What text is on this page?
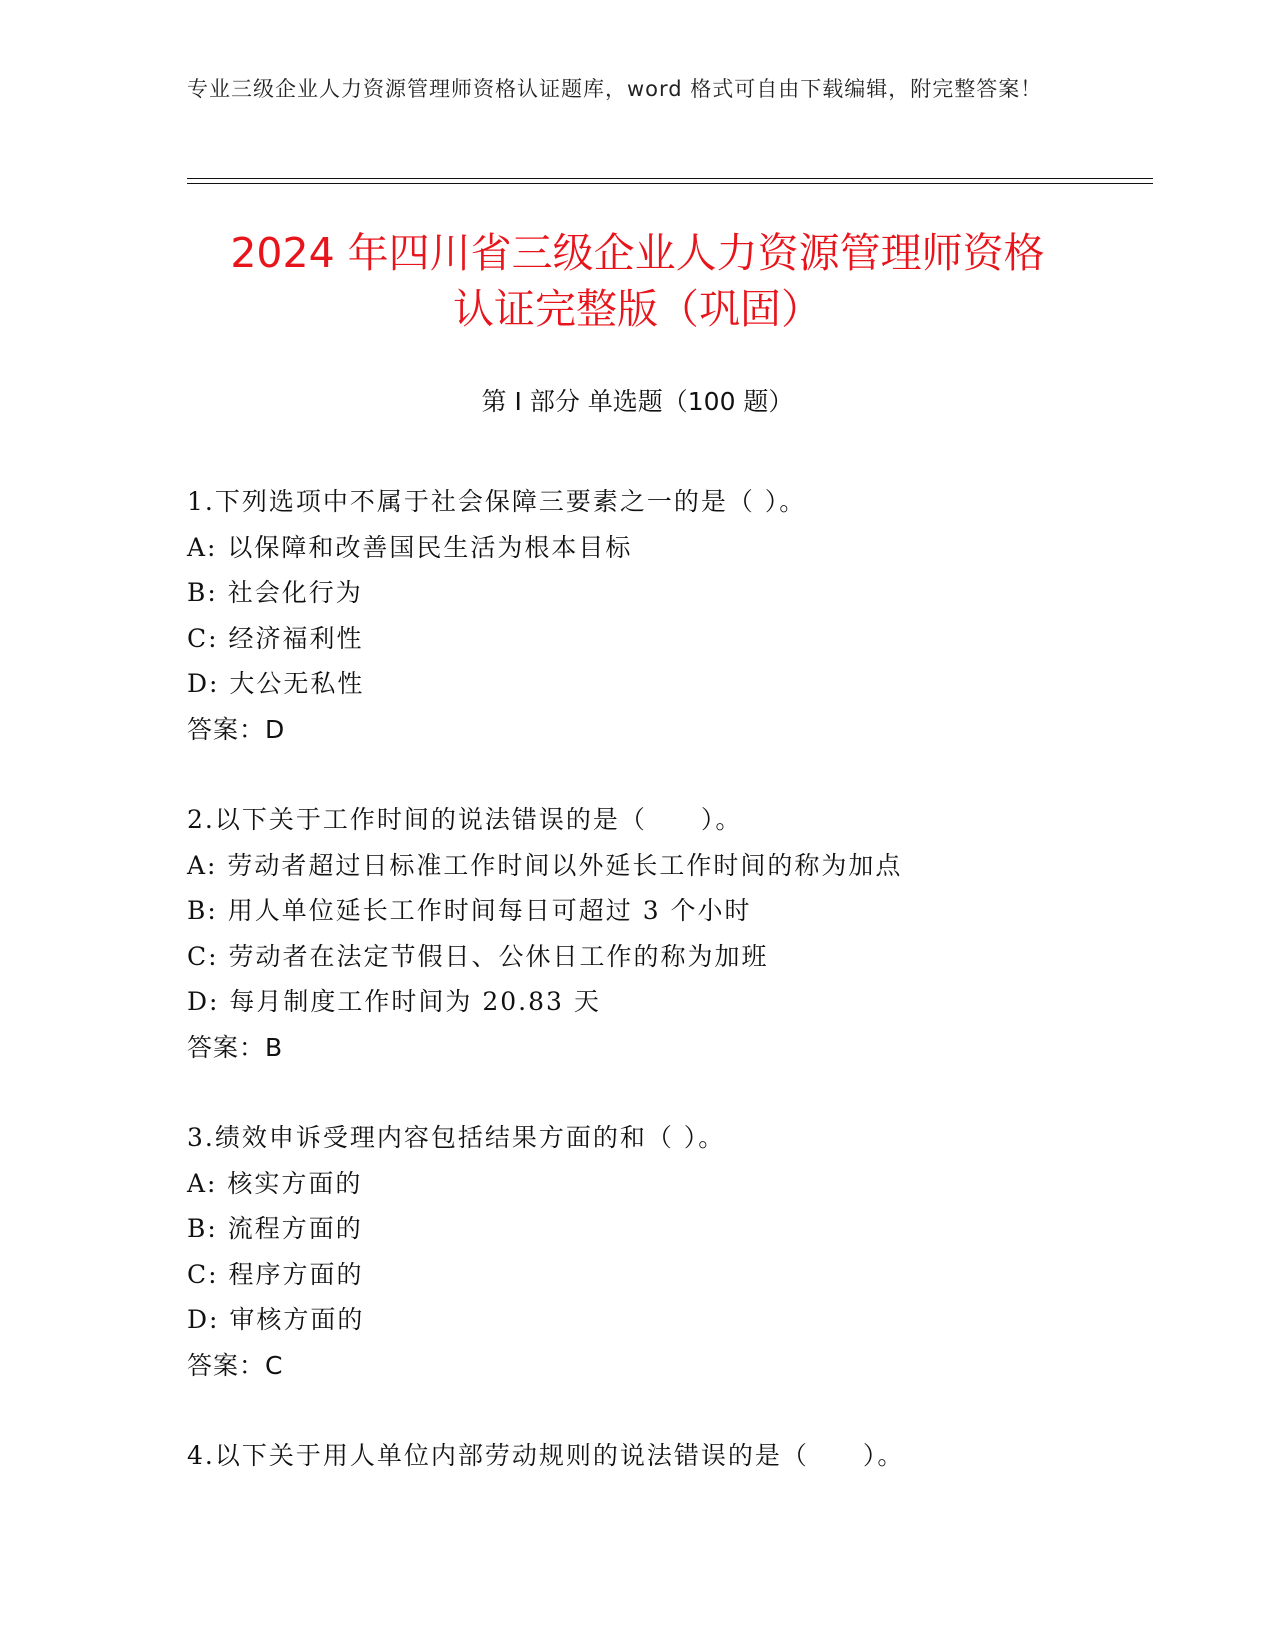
专业三级企业人力资源管理师资格认证题库，word 格式可自由下载编辑，附完整答案！
2024 年四川省三级企业人力资源管理师资格
认证完整版（巩固）
第 I 部分 单选题（100 题）
1.下列选项中不属于社会保障三要素之一的是（ ）。
A: 以保障和改善国民生活为根本目标
B: 社会化行为
C: 经济福利性
D: 大公无私性
答案：D
2.以下关于工作时间的说法错误的是（　　）。
A: 劳动者超过日标准工作时间以外延长工作时间的称为加点
B: 用人单位延长工作时间每日可超过 3 个小时
C: 劳动者在法定节假日、公休日工作的称为加班
D: 每月制度工作时间为 20.83 天
答案：B
3.绩效申诉受理内容包括结果方面的和（ ）。
A: 核实方面的
B: 流程方面的
C: 程序方面的
D: 审核方面的
答案：C
4.以下关于用人单位内部劳动规则的说法错误的是（　　）。
